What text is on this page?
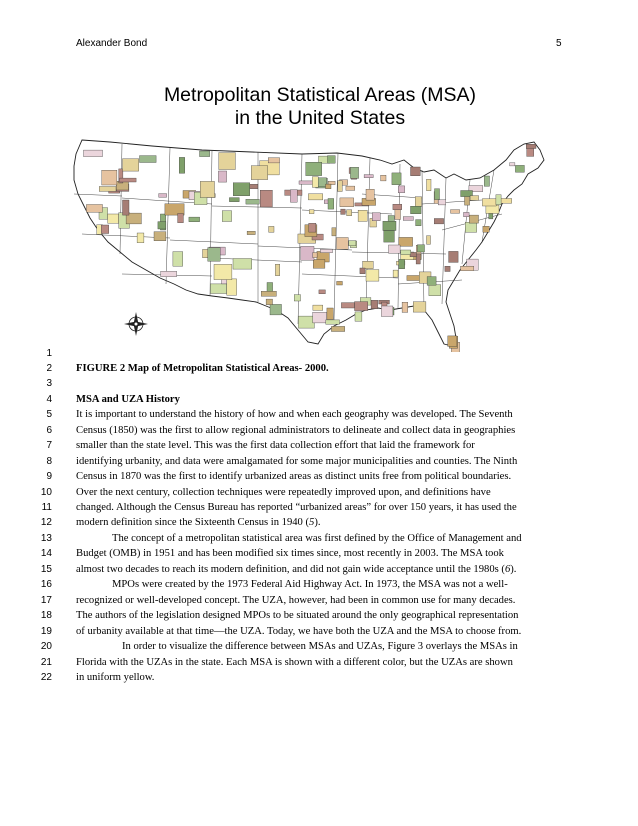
Alexander Bond	5
Metropolitan Statistical Areas (MSA)
in the United States
1
2 FIGURE 2 Map of Metropolitan Statistical Areas- 2000.
3
4 MSA and UZA History
5 It is important to understand the history of how and when each geography was developed. The Seventh
6 Census (1850) was the first to allow regional administrators to delineate and collect data in geographies
7 smaller than the state level. This was the first data collection effort that laid the framework for
8 identifying urbanity, and data were amalgamated for some major municipalities and counties. The Ninth
9 Census in 1870 was the first to identify urbanized areas as distinct units free from political boundaries.
10 Over the next century, collection techniques were repeatedly improved upon, and definitions have
11 changed. Although the Census Bureau has reported “urbanized areas” for over 150 years, it has used the
12 modern definition since the Sixteenth Census in 1940 (5).
13	The concept of a metropolitan statistical area was first defined by the Office of Management and
14 Budget (OMB) in 1951 and has been modified six times since, most recently in 2003. The MSA took
15 almost two decades to reach its modern definition, and did not gain wide acceptance until the 1980s (6).
16	MPOs were created by the 1973 Federal Aid Highway Act. In 1973, the MSA was not a well-
17 recognized or well-developed concept. The UZA, however, had been in common use for many decades.
18 The authors of the legislation designed MPOs to be situated around the only geographical representation
19 of urbanity available at that time—the UZA. Today, we have both the UZA and the MSA to choose from.
20	In order to visualize the difference between MSAs and UZAs, Figure 3 overlays the MSAs in
21 Florida with the UZAs in the state. Each MSA is shown with a different color, but the UZAs are shown
22 in uniform yellow.
